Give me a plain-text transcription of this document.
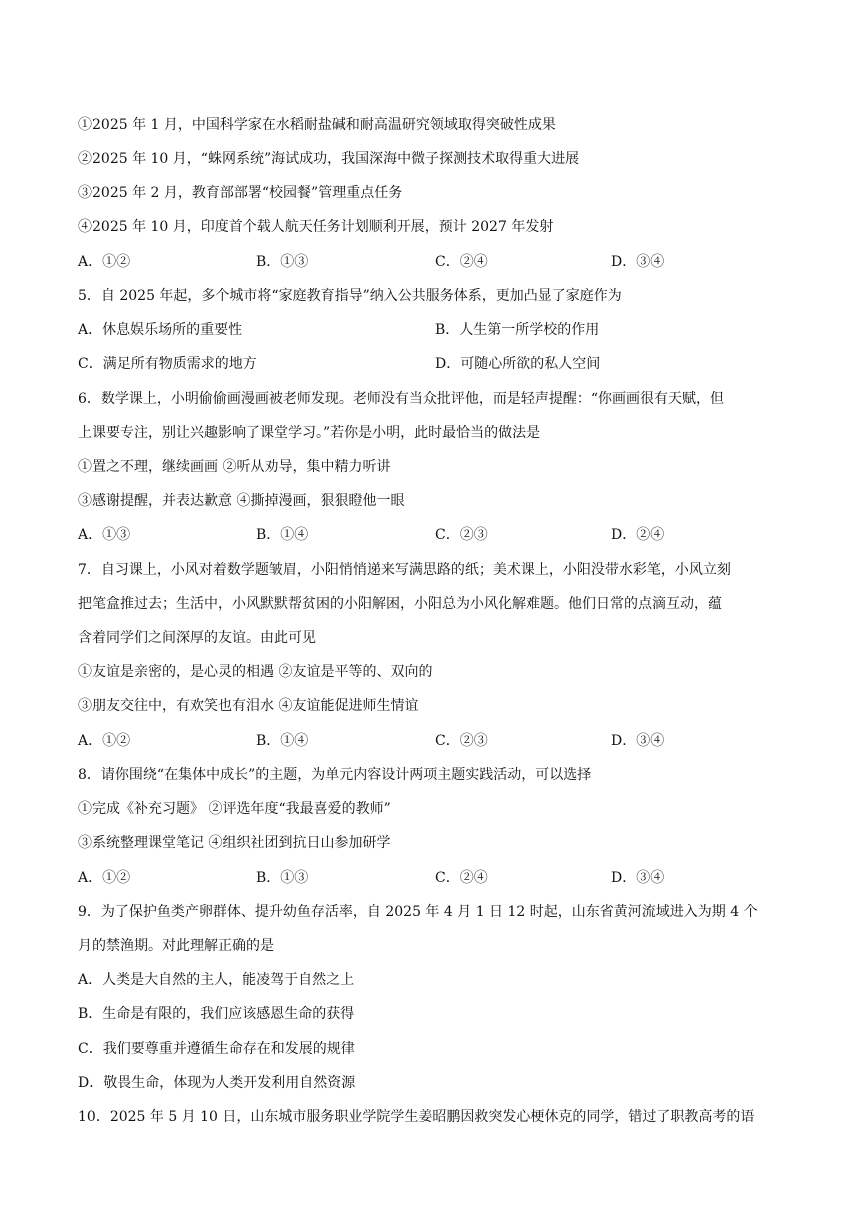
①2025 年 1 月，中国科学家在水稻耐盐碱和耐高温研究领域取得突破性成果
②2025 年 10 月，“蛛网系统”海试成功，我国深海中微子探测技术取得重大进展
③2025 年 2 月，教育部部署“校园餐”管理重点任务
④2025 年 10 月，印度首个载人航天任务计划顺利开展，预计 2027 年发射
A．①②	B．①③	C．②④	D．③④
5．自 2025 年起，多个城市将“家庭教育指导”纳入公共服务体系，更加凸显了家庭作为
A．休息娱乐场所的重要性	B．人生第一所学校的作用
C．满足所有物质需求的地方	D．可随心所欲的私人空间
6．数学课上，小明偷偷画漫画被老师发现。老师没有当众批评他，而是轻声提醒：“你画画很有天赋，但
上课要专注，别让兴趣影响了课堂学习。”若你是小明，此时最恰当的做法是
①置之不理，继续画画 ②听从劝导，集中精力听讲
③感谢提醒，并表达歉意 ④撕掉漫画，狠狠瞪他一眼
A．①③	B．①④	C．②③	D．②④
7．自习课上，小风对着数学题皱眉，小阳悄悄递来写满思路的纸；美术课上，小阳没带水彩笔，小风立刻
把笔盒推过去；生活中，小风默默帮贫困的小阳解困，小阳总为小风化解难题。他们日常的点滴互动，蕴
含着同学们之间深厚的友谊。由此可见
①友谊是亲密的，是心灵的相遇 ②友谊是平等的、双向的
③朋友交往中，有欢笑也有泪水 ④友谊能促进师生情谊
A．①②	B．①④	C．②③	D．③④
8．请你围绕“在集体中成长”的主题，为单元内容设计两项主题实践活动，可以选择
①完成《补充习题》 ②评选年度“我最喜爱的教师”
③系统整理课堂笔记 ④组织社团到抗日山参加研学
A．①②	B．①③	C．②④	D．③④
9．为了保护鱼类产卵群体、提升幼鱼存活率，自 2025 年 4 月 1 日 12 时起，山东省黄河流域进入为期 4 个
月的禁渔期。对此理解正确的是
A．人类是大自然的主人，能凌驾于自然之上
B．生命是有限的，我们应该感恩生命的获得
C．我们要尊重并遵循生命存在和发展的规律
D．敬畏生命，体现为人类开发利用自然资源
10．2025 年 5 月 10 日，山东城市服务职业学院学生姜昭鹏因救突发心梗休克的同学，错过了职教高考的语
